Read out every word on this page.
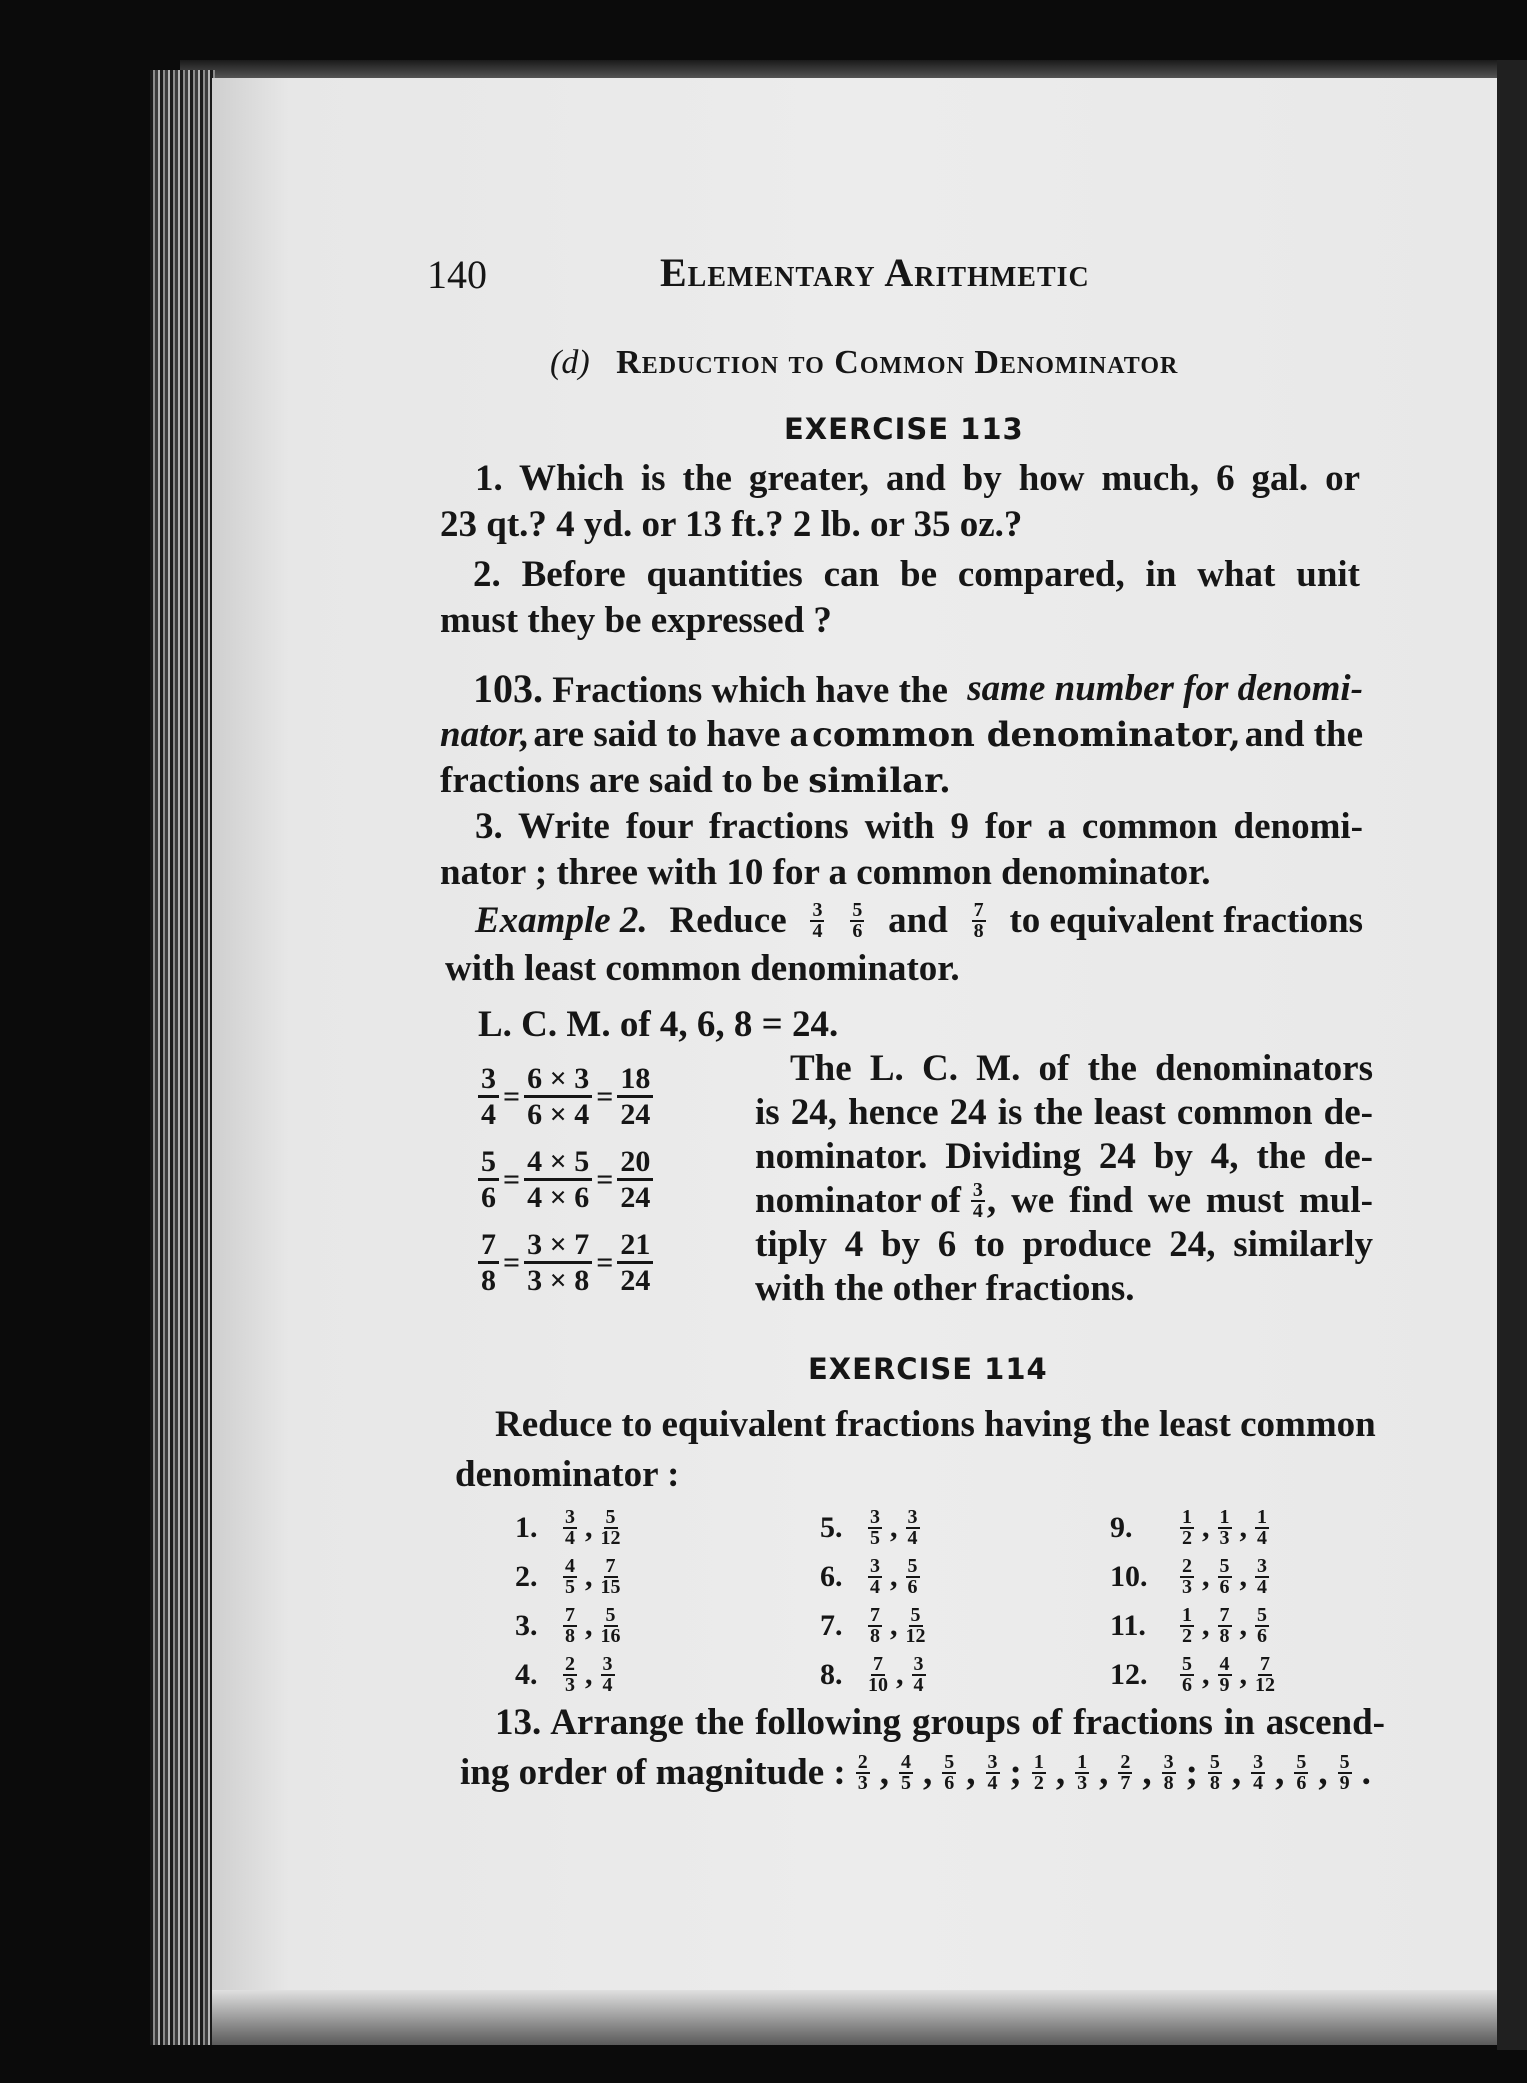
140	Elementary Arithmetic
(d) Reduction to Common Denominator
EXERCISE 113
1. Which is the greater, and by how much, 6 gal. or
23 qt.? 4 yd. or 13 ft.? 2 lb. or 35 oz.?
2. Before quantities can be compared, in what unit
must they be expressed ?
103. Fractions which have the same number for denomi-
nator, are said to have a common denominator, and the
fractions are said to be similar.
3. Write four fractions with 9 for a common denomi-
nator ; three with 10 for a common denominator.
Example 2. Reduce $\frac{3}{4} \frac{5}{6}$ and $\frac{7}{8}$ to equivalent fractions
with least common denominator.
L. C. M. of 4, 6, 8 = 24.
$\frac{3}{4} = \frac{6 \times 3}{6 \times 4} = \frac{18}{24}$
$\frac{5}{6} = \frac{4 \times 5}{4 \times 6} = \frac{20}{24}$
$\frac{7}{8} = \frac{3 \times 7}{3 \times 8} = \frac{21}{24}$
The L. C. M. of the denominators
is 24, hence 24 is the least common de-
nominator. Dividing 24 by 4, the de-
nominator of $\frac{3}{4}$ , we find we must mul-
tiply 4 by 6 to produce 24, similarly
with the other fractions.
EXERCISE 114
Reduce to equivalent fractions having the least common
denominator :
1.	$\frac{3}{4}$ , $\frac{5}{12}$
2.	$\frac{4}{5}$ , $\frac{7}{15}$
3.	$\frac{7}{8}$ , $\frac{5}{16}$
4.	$\frac{2}{3}$ , $\frac{3}{4}$
5.	$\frac{3}{5}$ , $\frac{3}{4}$
6.	$\frac{3}{4}$ , $\frac{5}{6}$
7.	$\frac{7}{8}$ , $\frac{5}{12}$
8.	$\frac{7}{10}$ , $\frac{3}{4}$
9.	$\frac{1}{2}$ , $\frac{1}{3}$ , $\frac{1}{4}$
10.	$\frac{2}{3}$ , $\frac{5}{6}$ , $\frac{3}{4}$
11.	$\frac{1}{2}$ , $\frac{7}{8}$ , $\frac{5}{6}$
12.	$\frac{5}{6}$ , $\frac{4}{9}$ , $\frac{7}{12}$
13. Arrange the following groups of fractions in ascend-
ing order of magnitude : $\frac{2}{3}$ , $\frac{4}{5}$ , $\frac{5}{6}$ , $\frac{3}{4}$ ; $\frac{1}{2}$ , $\frac{1}{3}$ , $\frac{2}{7}$ , $\frac{3}{8}$ ; $\frac{5}{8}$ , $\frac{3}{4}$ , $\frac{5}{6}$ , $\frac{5}{9}$ .
